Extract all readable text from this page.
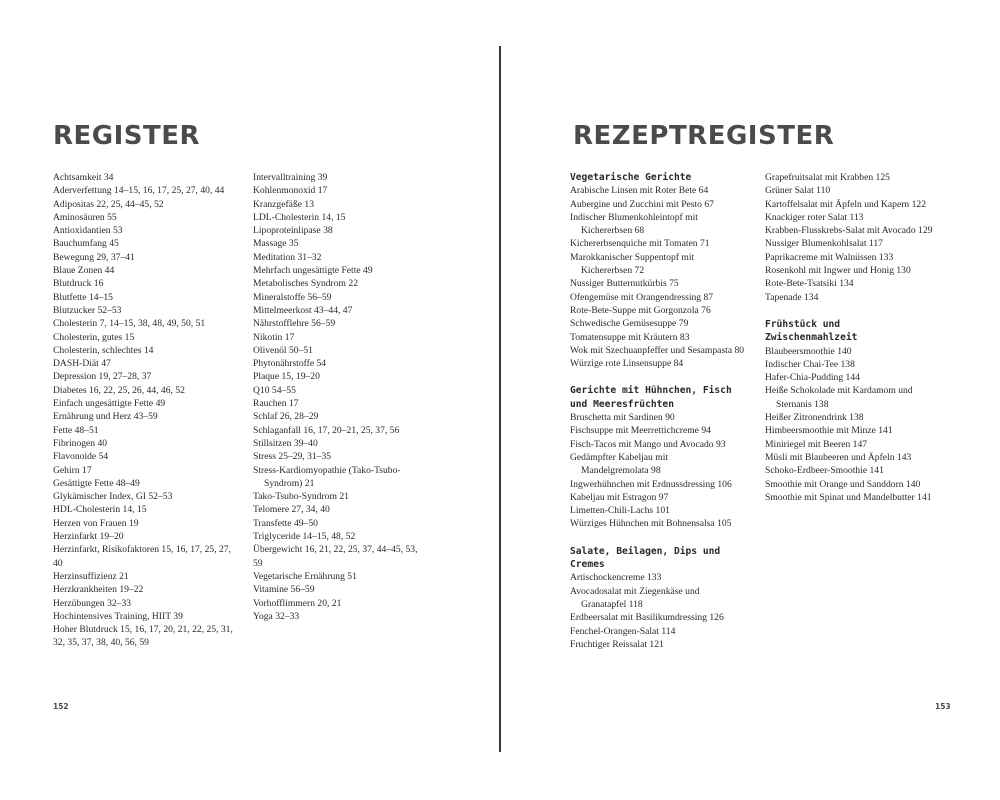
REGISTER
Achtsamkeit 34
Aderverfettung 14–15, 16, 17, 25, 27, 40, 44
Adipositas 22, 25, 44–45, 52
Aminosäuren 55
Antioxidantien 53
Bauchumfang 45
Bewegung 29, 37–41
Blaue Zonen 44
Blutdruck 16
Blutfette 14–15
Blutzucker 52–53
Cholesterin 7, 14–15, 38, 48, 49, 50, 51
Cholesterin, gutes 15
Cholesterin, schlechtes 14
DASH-Diät 47
Depression 19, 27–28, 37
Diabetes 16, 22, 25, 26, 44, 46, 52
Einfach ungesättigte Fette 49
Ernährung und Herz 43–59
Fette 48–51
Fibrinogen 40
Flavonoide 54
Gehirn 17
Gesättigte Fette 48–49
Glykämischer Index, GI 52–53
HDL-Cholesterin 14, 15
Herzen von Frauen 19
Herzinfarkt 19–20
Herzinfarkt, Risikofaktoren 15, 16, 17, 25, 27,
40
Herzinsuffizienz 21
Herzkrankheiten 19–22
Herzübungen 32–33
Hochintensives Training, HIIT 39
Hoher Blutdruck 15, 16, 17, 20, 21, 22, 25, 31,
32, 35, 37, 38, 40, 56, 59
Intervalltraining 39
Kohlenmonoxid 17
Kranzgefäße 13
LDL-Cholesterin 14, 15
Lipoproteinlipase 38
Massage 35
Meditation 31–32
Mehrfach ungesättigte Fette 49
Metabolisches Syndrom 22
Mineralstoffe 56–59
Mittelmeerkost 43–44, 47
Nährstofflehre 56–59
Nikotin 17
Olivenöl 50–51
Phytonährstoffe 54
Plaque 15, 19–20
Q10 54–55
Rauchen 17
Schlaf 26, 28–29
Schlaganfall 16, 17, 20–21, 25, 37, 56
Stillsitzen 39–40
Stress 25–29, 31–35
Stress-Kardiomyopathie (Tako-Tsubo-
Syndrom) 21
Tako-Tsubo-Syndrom 21
Telomere 27, 34, 40
Transfette 49–50
Triglyceride 14–15, 48, 52
Übergewicht 16, 21, 22, 25, 37, 44–45, 53,
59
Vegetarische Ernährung 51
Vitamine 56–59
Vorhofflimmern 20, 21
Yoga 32–33
152
REZEPTREGISTER
Vegetarische Gerichte
Arabische Linsen mit Roter Bete 64
Aubergine und Zucchini mit Pesto 67
Indischer Blumenkohleintopf mit
Kichererbsen 68
Kichererbsenquiche mit Tomaten 71
Marokkanischer Suppentopf mit
Kichererbsen 72
Nussiger Butternutkürbis 75
Ofengemüse mit Orangendressing 87
Rote-Bete-Suppe mit Gorgonzola 76
Schwedische Gemüsesuppe 79
Tomatensuppe mit Kräutern 83
Wok mit Szechuanpfeffer und Sesampasta 80
Würzige rote Linsensuppe 84
Gerichte mit Hühnchen, Fisch
und Meeresfrüchten
Bruschetta mit Sardinen 90
Fischsuppe mit Meerrettichcreme 94
Fisch-Tacos mit Mango und Avocado 93
Gedämpfter Kabeljau mit
Mandelgremolata 98
Ingwerhühnchen mit Erdnussdressing 106
Kabeljau mit Estragon 97
Limetten-Chili-Lachs 101
Würziges Hühnchen mit Bohnensalsa 105
Salate, Beilagen, Dips und
Cremes
Artischockencreme 133
Avocadosalat mit Ziegenkäse und
Granatapfel 118
Erdbeersalat mit Basilikumdressing 126
Fenchel-Orangen-Salat 114
Fruchtiger Reissalat 121
Grapefruitsalat mit Krabben 125
Grüner Salat 110
Kartoffelsalat mit Äpfeln und Kapern 122
Knackiger roter Salat 113
Krabben-Flusskrebs-Salat mit Avocado 129
Nussiger Blumenkohlsalat 117
Paprikacreme mit Walnüssen 133
Rosenkohl mit Ingwer und Honig 130
Rote-Bete-Tsatsiki 134
Tapenade 134
Frühstück und
Zwischenmahlzeit
Blaubeersmoothie 140
Indischer Chai-Tee 138
Hafer-Chia-Pudding 144
Heiße Schokolade mit Kardamom und
Sternanis 138
Heißer Zitronendrink 138
Himbeersmoothie mit Minze 141
Miniriegel mit Beeren 147
Müsli mit Blaubeeren und Äpfeln 143
Schoko-Erdbeer-Smoothie 141
Smoothie mit Orange und Sanddorn 140
Smoothie mit Spinat und Mandelbutter 141
153
